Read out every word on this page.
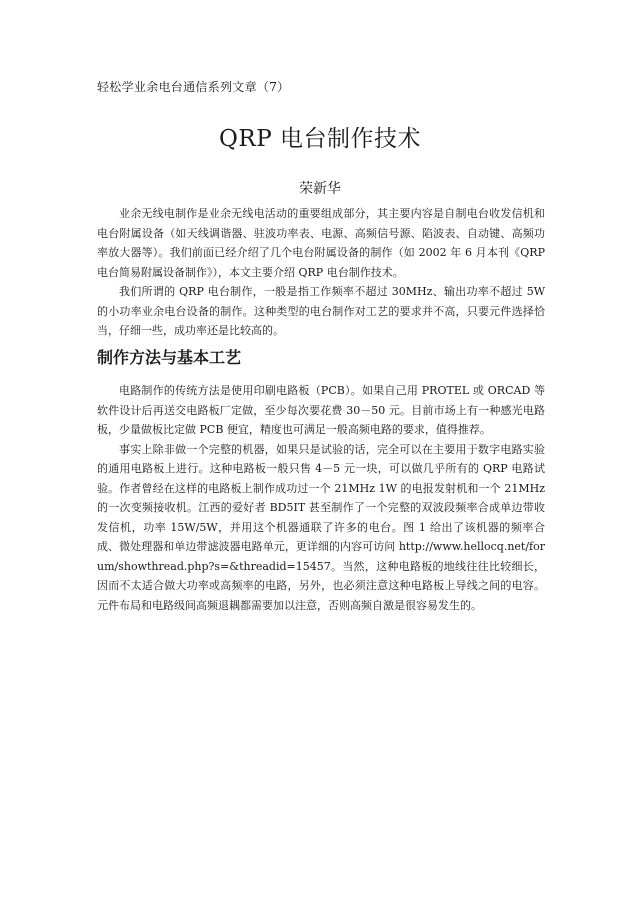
轻松学业余电台通信系列文章（7）
QRP 电台制作技术
荣新华

业余无线电制作是业余无线电活动的重要组成部分，其主要内容是自制电台收发信机和电台附属设备（如天线调谐器、驻波功率表、电源、高频信号源、陷波表、自动键、高频功率放大器等）。我们前面已经介绍了几个电台附属设备的制作（如 2002 年 6 月本刊《QRP 电台简易附属设备制作》），本文主要介绍 QRP 电台制作技术。

我们所谓的 QRP 电台制作，一般是指工作频率不超过 30MHz、输出功率不超过 5W 的小功率业余电台设备的制作。这种类型的电台制作对工艺的要求并不高，只要元件选择恰当，仔细一些，成功率还是比较高的。

制作方法与基本工艺

电路制作的传统方法是使用印刷电路板（PCB）。如果自己用 PROTEL 或 ORCAD 等软件设计后再送交电路板厂定做，至少每次要花费 30－50 元。目前市场上有一种感光电路板，少量做板比定做 PCB 便宜，精度也可满足一般高频电路的要求，值得推荐。

事实上除非做一个完整的机器，如果只是试验的话，完全可以在主要用于数字电路实验的通用电路板上进行。这种电路板一般只售 4－5 元一块，可以做几乎所有的 QRP 电路试验。作者曾经在这样的电路板上制作成功过一个 21MHz 1W 的电报发射机和一个 21MHz 的一次变频接收机。江西的爱好者 BD5IT 甚至制作了一个完整的双波段频率合成单边带收发信机，功率 15W/5W，并用这个机器通联了许多的电台。图 1 给出了该机器的频率合成、微处理器和单边带滤波器电路单元，更详细的内容可访问 http://www.hellocq.net/forum/showthread.php?s=&threadid=15457。当然，这种电路板的地线往往比较细长，因而不太适合做大功率或高频率的电路，另外，也必须注意这种电路板上导线之间的电容。元件布局和电路级间高频退耦都需要加以注意，否则高频自激是很容易发生的。
